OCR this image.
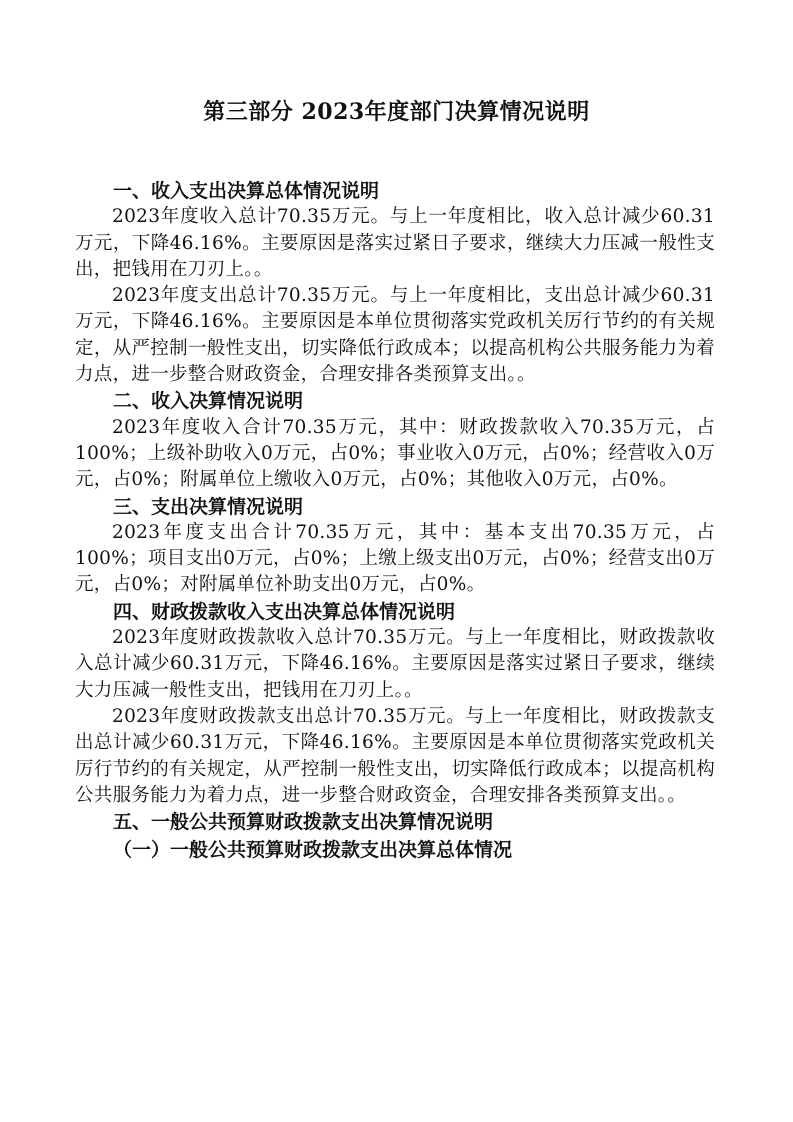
第三部分 2023年度部门决算情况说明
一、收入支出决算总体情况说明

2023年度收入总计70.35万元。与上一年度相比，收入总计减少60.31万元，下降46.16%。主要原因是落实过紧日子要求，继续大力压减一般性支出，把钱用在刀刃上。。

2023年度支出总计70.35万元。与上一年度相比，支出总计减少60.31万元，下降46.16%。主要原因是本单位贯彻落实党政机关厉行节约的有关规定，从严控制一般性支出，切实降低行政成本；以提高机构公共服务能力为着力点，进一步整合财政资金，合理安排各类预算支出。。

二、收入决算情况说明

2023年度收入合计70.35万元，其中：财政拨款收入70.35万元，占100%；上级补助收入0万元，占0%；事业收入0万元，占0%；经营收入0万元，占0%；附属单位上缴收入0万元，占0%；其他收入0万元，占0%。

三、支出决算情况说明

2023年度支出合计70.35万元，其中：基本支出70.35万元，占100%；项目支出0万元，占0%；上缴上级支出0万元，占0%；经营支出0万元，占0%；对附属单位补助支出0万元，占0%。

四、财政拨款收入支出决算总体情况说明

2023年度财政拨款收入总计70.35万元。与上一年度相比，财政拨款收入总计减少60.31万元，下降46.16%。主要原因是落实过紧日子要求，继续大力压减一般性支出，把钱用在刀刃上。。

2023年度财政拨款支出总计70.35万元。与上一年度相比，财政拨款支出总计减少60.31万元，下降46.16%。主要原因是本单位贯彻落实党政机关厉行节约的有关规定，从严控制一般性支出，切实降低行政成本；以提高机构公共服务能力为着力点，进一步整合财政资金，合理安排各类预算支出。。

五、一般公共预算财政拨款支出决算情况说明
（一）一般公共预算财政拨款支出决算总体情况
